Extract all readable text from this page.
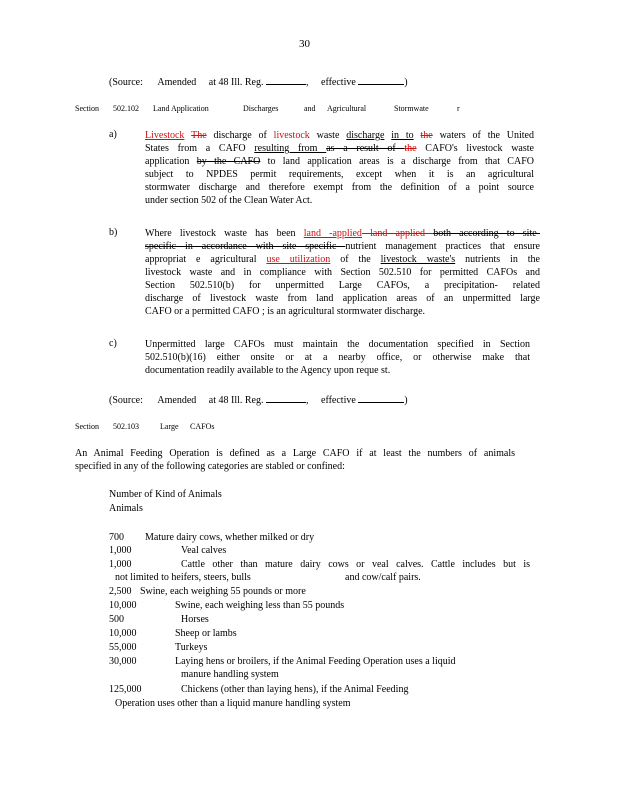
30
(Source: Amended at 48 Ill. Reg.	, effective	)
Section 502.102 Land Application	Discharges	and Agricultural	Stormwate	r
a)	Livestock The discharge of livestock waste discharge in to the waters of the United
States from a CAFO resulting from as a result of the CAFO's livestock waste
application by the CAFO to land application areas is a discharge from that CAFO
subject to NPDES permit requirements, except when it is an agricultural
stormwater discharge and therefore exempt from the definition of a point source
under section 502 of the Clean Water Act.
b)	Where livestock waste has been land -applied land applied both according to site-
specific in accordance with site specific nutrient management practices that ensure
appropriat e agricultural use utilization of the livestock waste's nutrients in the
livestock waste and in compliance with Section 502.510 for permitted CAFOs and
Section 502.510(b) for unpermitted Large CAFOs, a precipitation- related
discharge of livestock waste from land application areas of an unpermitted large
CAFO or a permitted CAFO ; is an agricultural stormwater discharge.
c)	Unpermitted large CAFOs must maintain the documentation specified in Section
502.510(b)(16) either onsite or at a nearby office, or otherwise make that
documentation readily available to the Agency upon reque st.
(Source: Amended at 48 Ill. Reg.	, effective	)
Section 502.103	Large CAFOs
An Animal Feeding Operation is defined as a Large CAFO if at least the numbers of animals
specified in any of the following categories are stabled or confined:
Number of Kind of Animals
Animals
700 Mature dairy cows, whether milked or dry
1,000	Veal calves
1,000	Cattle other than mature dairy cows or veal calves. Cattle includes but is
not limited to heifers, steers, bulls	and cow/calf pairs.
2,500 Swine, each weighing 55 pounds or more
10,000	Swine, each weighing less than 55 pounds
500	Horses
10,000	Sheep or lambs
55,000	Turkeys
30,000	Laying hens or broilers, if the Animal Feeding Operation uses a liquid
manure handling system
125,000	Chickens (other than laying hens), if the Animal Feeding
Operation uses other than a liquid manure handling system
